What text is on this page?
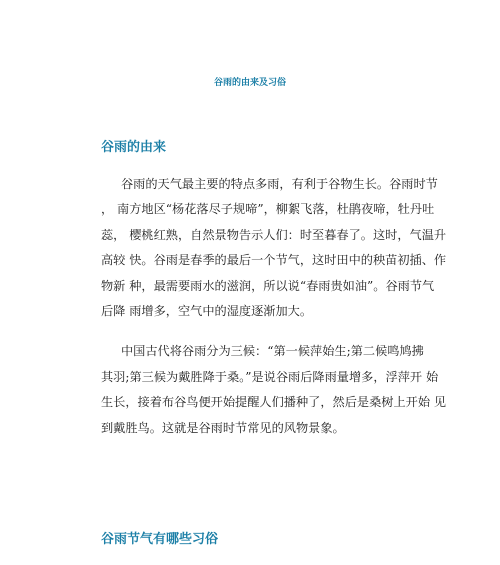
谷雨的由来及习俗
谷雨的由来
谷雨的天气最主要的特点多雨，有利于谷物生长。谷雨时节
， 南方地区“杨花落尽子规啼”，柳絮飞落，杜鹃夜啼，牡丹吐
蕊， 樱桃红熟，自然景物告示人们：时至暮春了。这时，气温升
高较 快。谷雨是春季的最后一个节气，这时田中的秧苗初插、作
物新 种，最需要雨水的滋润，所以说“春雨贵如油”。谷雨节气
后降 雨增多，空气中的湿度逐渐加大。
中国古代将谷雨分为三候：“第一候萍始生;第二候鸣鸠拂
其羽;第三候为戴胜降于桑。”是说谷雨后降雨量增多，浮萍开 始
生长，接着布谷鸟便开始提醒人们播种了，然后是桑树上开始 见
到戴胜鸟。这就是谷雨时节常见的风物景象。
谷雨节气有哪些习俗
